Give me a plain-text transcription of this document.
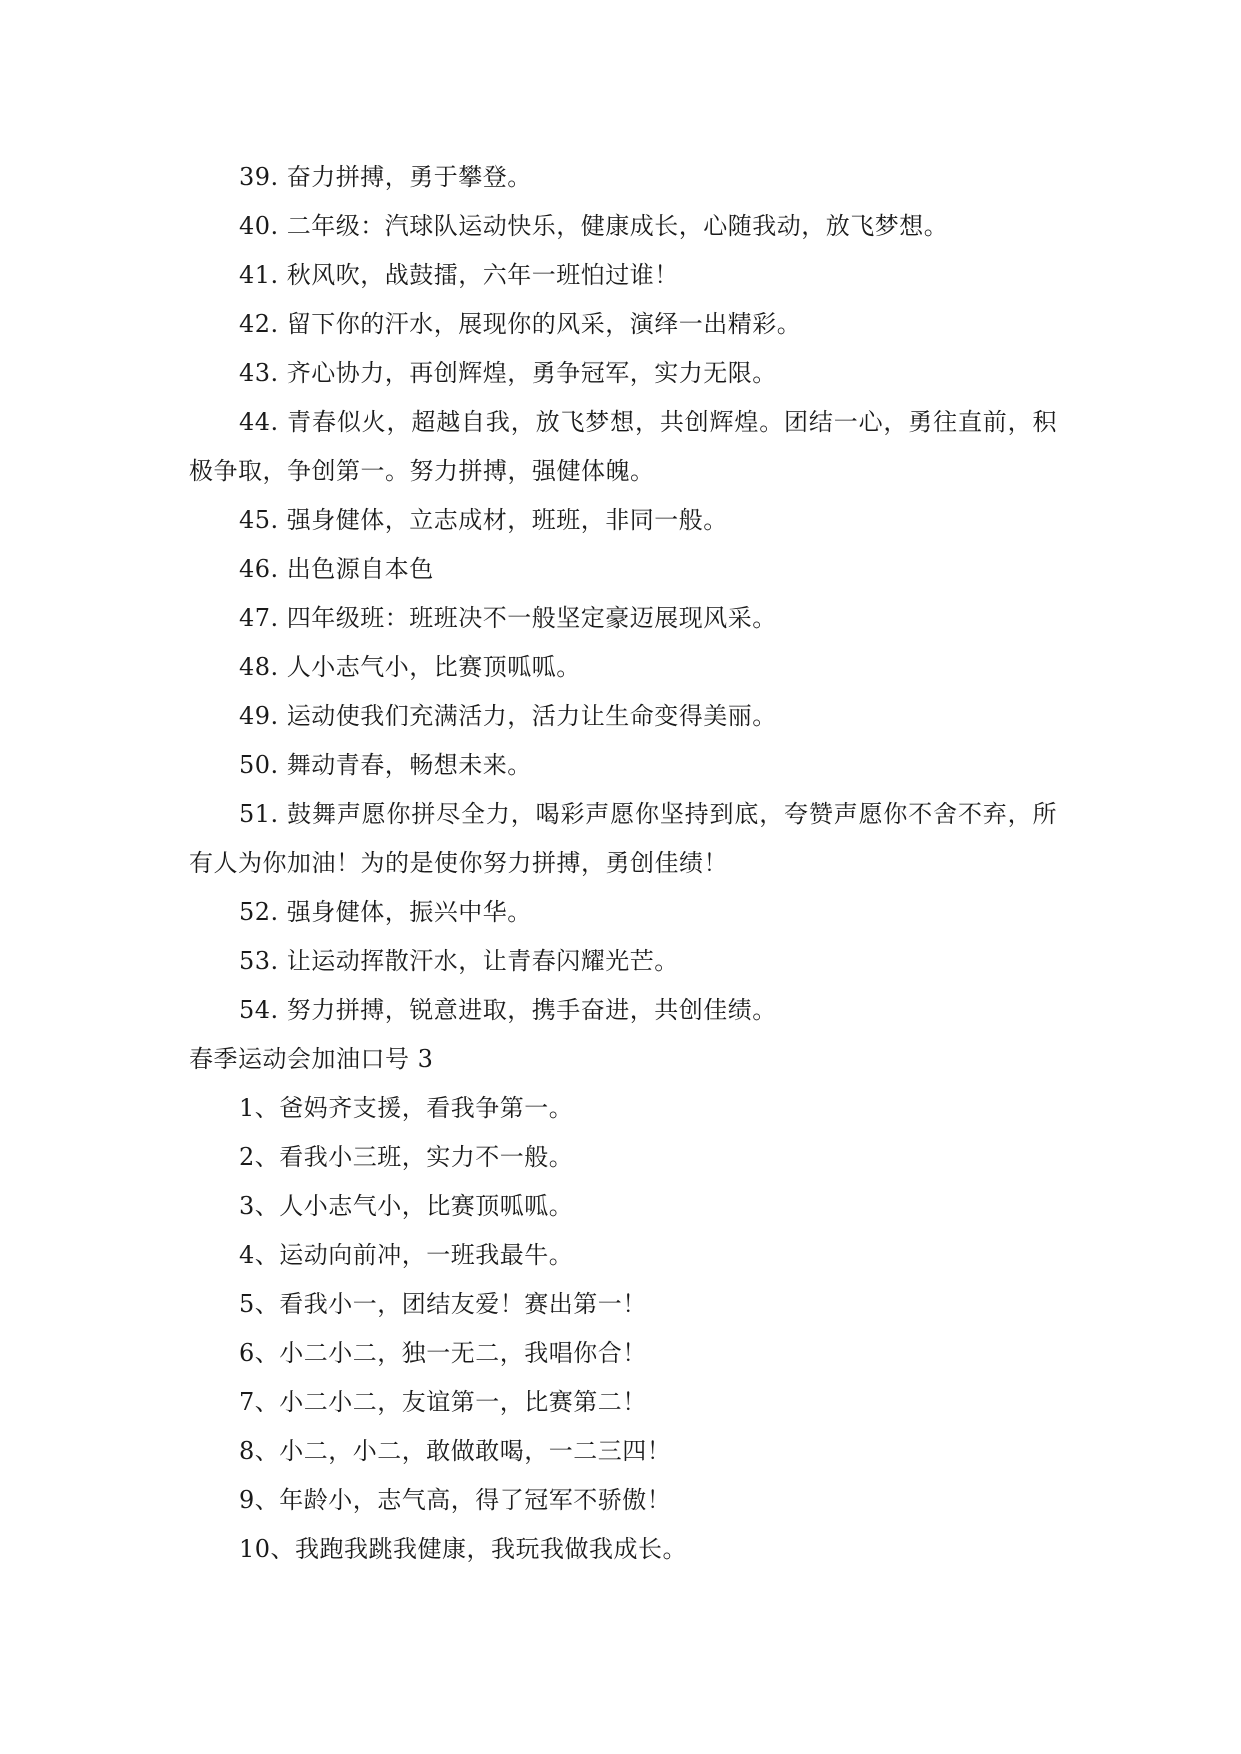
39. 奋力拼搏，勇于攀登。
40. 二年级：汽球队运动快乐，健康成长，心随我动，放飞梦想。
41. 秋风吹，战鼓擂，六年一班怕过谁！
42. 留下你的汗水，展现你的风采，演绎一出精彩。
43. 齐心协力，再创辉煌，勇争冠军，实力无限。
44. 青春似火，超越自我，放飞梦想，共创辉煌。团结一心，勇往直前，积极争取，争创第一。努力拼搏，强健体魄。
45. 强身健体，立志成材，班班，非同一般。
46. 出色源自本色
47. 四年级班：班班决不一般坚定豪迈展现风采。
48. 人小志气小，比赛顶呱呱。
49. 运动使我们充满活力，活力让生命变得美丽。
50. 舞动青春，畅想未来。
51. 鼓舞声愿你拼尽全力，喝彩声愿你坚持到底，夸赞声愿你不舍不弃，所有人为你加油！为的是使你努力拼搏，勇创佳绩！
52. 强身健体，振兴中华。
53. 让运动挥散汗水，让青春闪耀光芒。
54. 努力拼搏，锐意进取，携手奋进，共创佳绩。
春季运动会加油口号 3
1、爸妈齐支援，看我争第一。
2、看我小三班，实力不一般。
3、人小志气小，比赛顶呱呱。
4、运动向前冲，一班我最牛。
5、看我小一，团结友爱！赛出第一！
6、小二小二，独一无二，我唱你合！
7、小二小二，友谊第一，比赛第二！
8、小二，小二，敢做敢喝，一二三四！
9、年龄小，志气高，得了冠军不骄傲！
10、我跑我跳我健康，我玩我做我成长。
